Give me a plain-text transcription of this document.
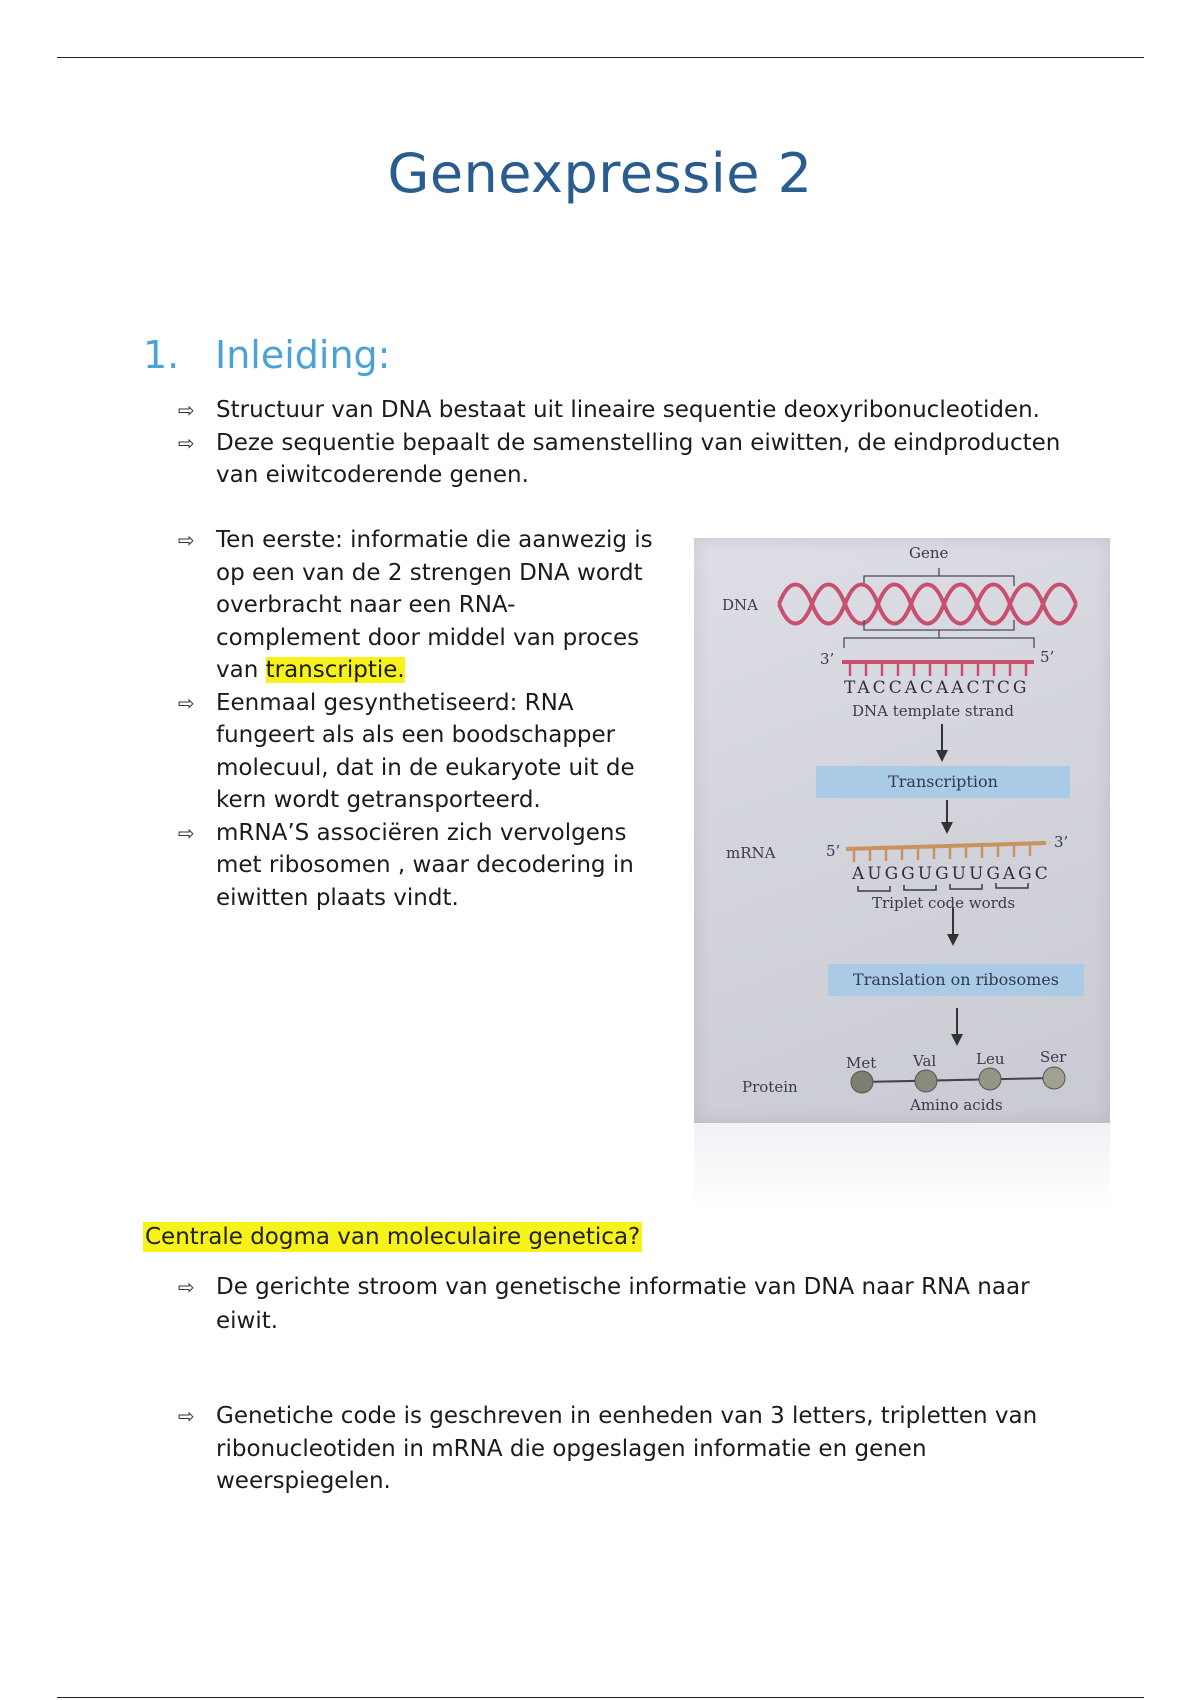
Genexpressie 2
1. Inleiding:
⇨ Structuur van DNA bestaat uit lineaire sequentie deoxyribonucleotiden.
⇨ Deze sequentie bepaalt de samenstelling van eiwitten, de eindproducten van eiwitcoderende genen.
⇨ Ten eerste: informatie die aanwezig is
op een van de 2 strengen DNA wordt
overbracht naar een RNA-
complement door middel van proces
van transcriptie.
⇨ Eenmaal gesynthetiseerd: RNA
fungeert als als een boodschapper
molecuul, dat in de eukaryote uit de
kern wordt getransporteerd.
⇨ mRNA’S associëren zich vervolgens
met ribosomen , waar decodering in
eiwitten plaats vindt.
Gene
DNA
3’	5’
TACCACAACTCG
DNA template strand
Transcription
mRNA	5’	3’
AUGGUGUUGAGC
Triplet code words
Translation on ribosomes
Protein
Met Val	Leu Ser
Amino acids
Centrale dogma van moleculaire genetica?
⇨ De gerichte stroom van genetische informatie van DNA naar RNA naar eiwit.
⇨ Genetiche code is geschreven in eenheden van 3 letters, tripletten van ribonucleotiden in mRNA die opgeslagen informatie en genen weerspiegelen.
